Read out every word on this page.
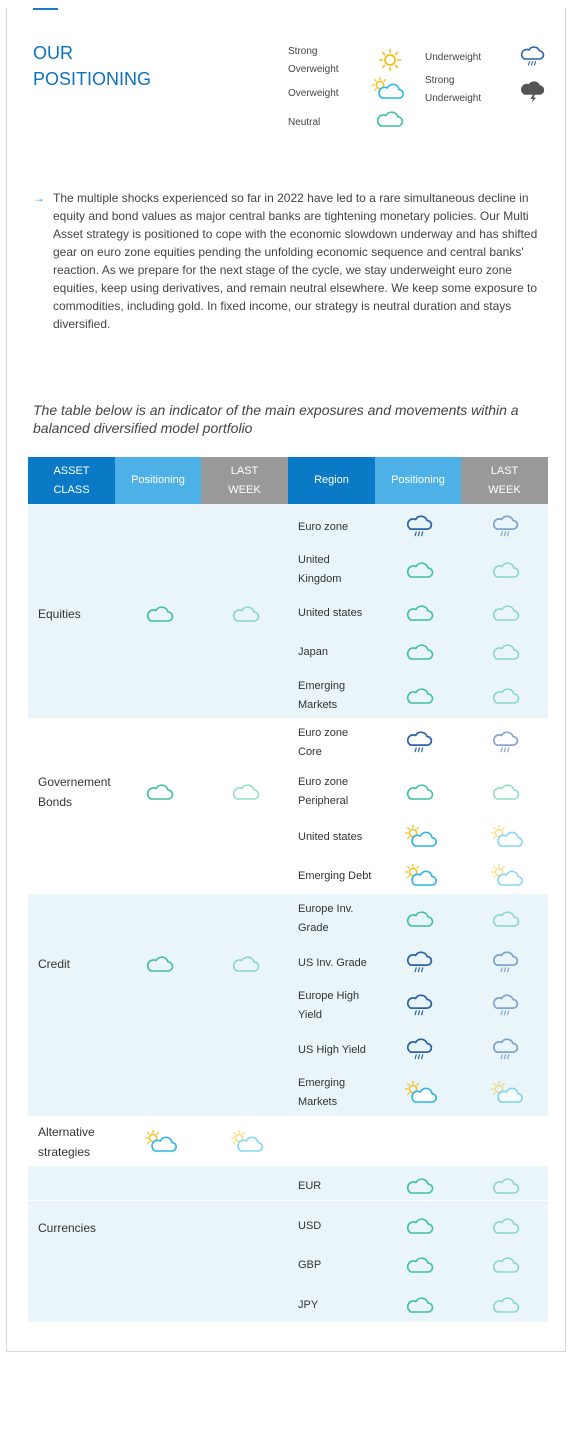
OUR
POSITIONING
Strong
Overweight
Overweight
Neutral
Underweight
Strong
Underweight
→ The multiple shocks experienced so far in 2022 have led to a rare simultaneous decline in equity and bond values as major central banks are tightening monetary policies. Our Multi Asset strategy is positioned to cope with the economic slowdown underway and has shifted gear on euro zone equities pending the unfolding economic sequence and central banks' reaction. As we prepare for the next stage of the cycle, we stay underweight euro zone equities, keep using derivatives, and remain neutral elsewhere. We keep some exposure to commodities, including gold. In fixed income, our strategy is neutral duration and stays diversified.
The table below is an indicator of the main exposures and movements within a balanced diversified model portfolio
ASSET
CLASS
Positioning
LAST
WEEK
Region	Positioning
LAST
WEEK
Equities
Governement
Bonds
Credit
Alternative
strategies
Currencies
Euro zone
United
Kingdom
United states
Japan
Emerging
Markets
Euro zone
Core
Euro zone
Peripheral
United states
Emerging Debt
Europe Inv.
Grade
US Inv. Grade
Europe High
Yield
US High Yield
Emerging
Markets
EUR
USD
GBP
JPY
